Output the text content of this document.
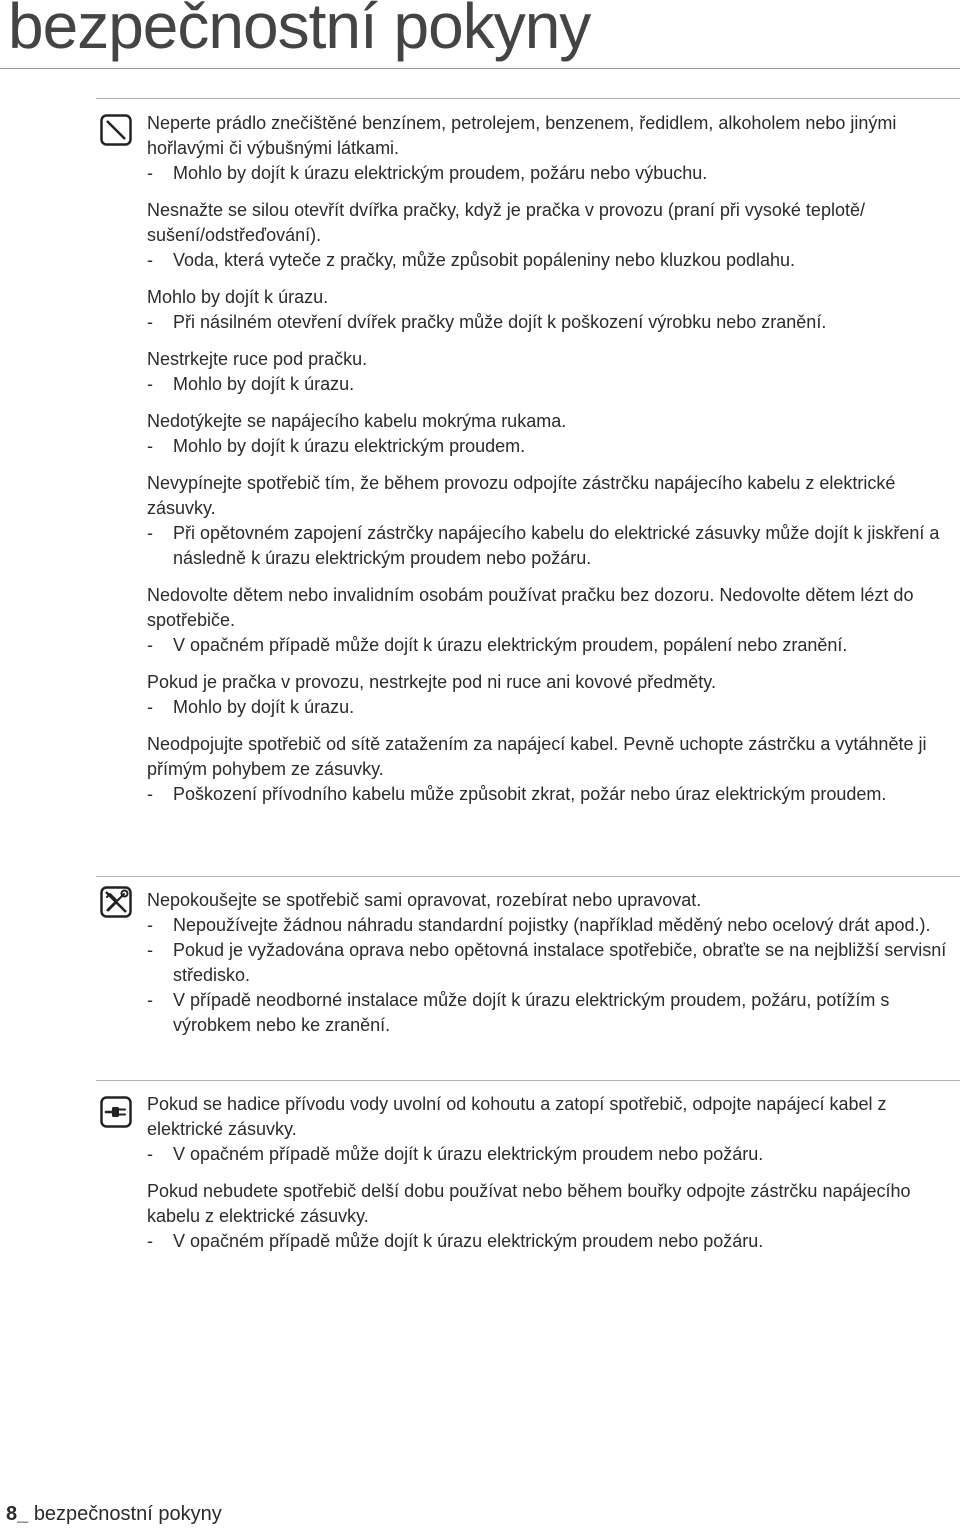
bezpečnostní pokyny

Neperte prádlo znečištěné benzínem, petrolejem, benzenem, ředidlem, alkoholem nebo jinými hořlavými či výbušnými látkami.

- Mohlo by dojít k úrazu elektrickým proudem, požáru nebo výbuchu.

Nesnažte se silou otevřít dvířka pračky, když je pračka v provozu (praní při vysoké teplotě/ sušení/odstřeďování).

- Voda, která vyteče z pračky, může způsobit popáleniny nebo kluzkou podlahu.

Mohlo by dojít k úrazu.

- Při násilném otevření dvířek pračky může dojít k poškození výrobku nebo zranění.

Nestrkejte ruce pod pračku.

- Mohlo by dojít k úrazu.

Nedotýkejte se napájecího kabelu mokrýma rukama.

- Mohlo by dojít k úrazu elektrickým proudem.

Nevypínejte spotřebič tím, že během provozu odpojíte zástrčku napájecího kabelu z elektrické zásuvky.

- Při opětovném zapojení zástrčky napájecího kabelu do elektrické zásuvky může dojít k jiskření a následně k úrazu elektrickým proudem nebo požáru.

Nedovolte dětem nebo invalidním osobám používat pračku bez dozoru. Nedovolte dětem lézt do spotřebiče.

- V opačném případě může dojít k úrazu elektrickým proudem, popálení nebo zranění.

Pokud je pračka v provozu, nestrkejte pod ni ruce ani kovové předměty.

- Mohlo by dojít k úrazu.

Neodpojujte spotřebič od sítě zatažením za napájecí kabel. Pevně uchopte zástrčku a vytáhněte ji přímým pohybem ze zásuvky.

- Poškození přívodního kabelu může způsobit zkrat, požár nebo úraz elektrickým proudem.

Nepokoušejte se spotřebič sami opravovat, rozebírat nebo upravovat.

- Nepoužívejte žádnou náhradu standardní pojistky (například měděný nebo ocelový drát apod.).

- Pokud je vyžadována oprava nebo opětovná instalace spotřebiče, obraťte se na nejbližší servisní středisko.

- V případě neodborné instalace může dojít k úrazu elektrickým proudem, požáru, potížím s výrobkem nebo ke zranění.

Pokud se hadice přívodu vody uvolní od kohoutu a zatopí spotřebič, odpojte napájecí kabel z elektrické zásuvky.

- V opačném případě může dojít k úrazu elektrickým proudem nebo požáru.

Pokud nebudete spotřebič delší dobu používat nebo během bouřky odpojte zástrčku napájecího kabelu z elektrické zásuvky.

- V opačném případě může dojít k úrazu elektrickým proudem nebo požáru.

8_ bezpečnostní pokyny
